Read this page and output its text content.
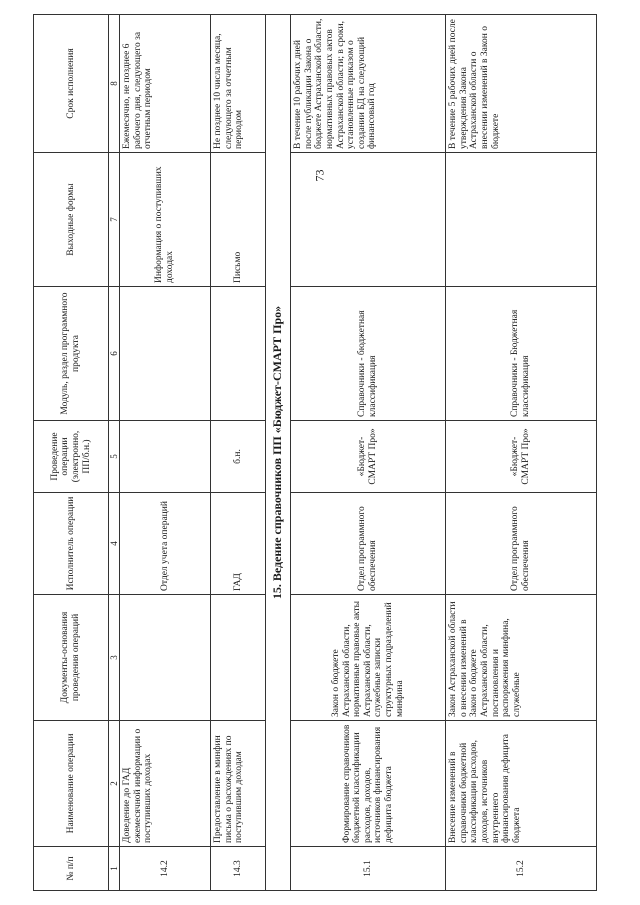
73
№ п/п	Наименование операции	Документы-основания проведения операций	Исполнитель операции	Проведение операции (электронно, ПП/б.н.)	Модуль, раздел программного продукта	Выходные формы	Срок исполнения
1	2	3	4	5	6	7	8
14.2	Доведение до ГАД ежемесячной информации о поступивших доходах		Отдел учета операций			Информация о поступивших доходах	Ежемесячно, не позднее 6 рабочего дня, следующего за отчетным периодом
14.3	Предоставление в минфин письма о расхождениях по поступившим доходам		ГАД	б.н.		Письмо	Не позднее 10 числа месяца, следующего за отчетным периодом
15. Ведение справочников ПП «Бюджет-СМАРТ Про»							
15.1	Формирование справочников бюджетной классификации расходов, доходов, источников финансирования дефицита бюджета	Закон о бюджете Астраханской области, нормативные правовые акты Астраханской области, служебные записки структурных подразделений минфина	Отдел программного обеспечения	«Бюджет-СМАРТ Про»	Справочники - бюджетная классификация		В течение 10 рабочих дней после публикации Закона о бюджете Астраханской области, нормативных правовых актов Астраханской области; в сроки, установленные приказом о создании БД на следующий финансовый год
15.2	Внесение изменений в справочники бюджетной классификации расходов, доходов, источников внутреннего финансирования дефицита бюджета	Закон Астраханской области о внесении изменений в Закон о бюджете Астраханской области, постановления и распоряжения минфина, служебные	Отдел программного обеспечения	«Бюджет-СМАРТ Про»	Справочники - Бюджетная классификация		В течение 5 рабочих дней после утверждения Закона Астраханской области о внесении изменений в Закон о бюджете
